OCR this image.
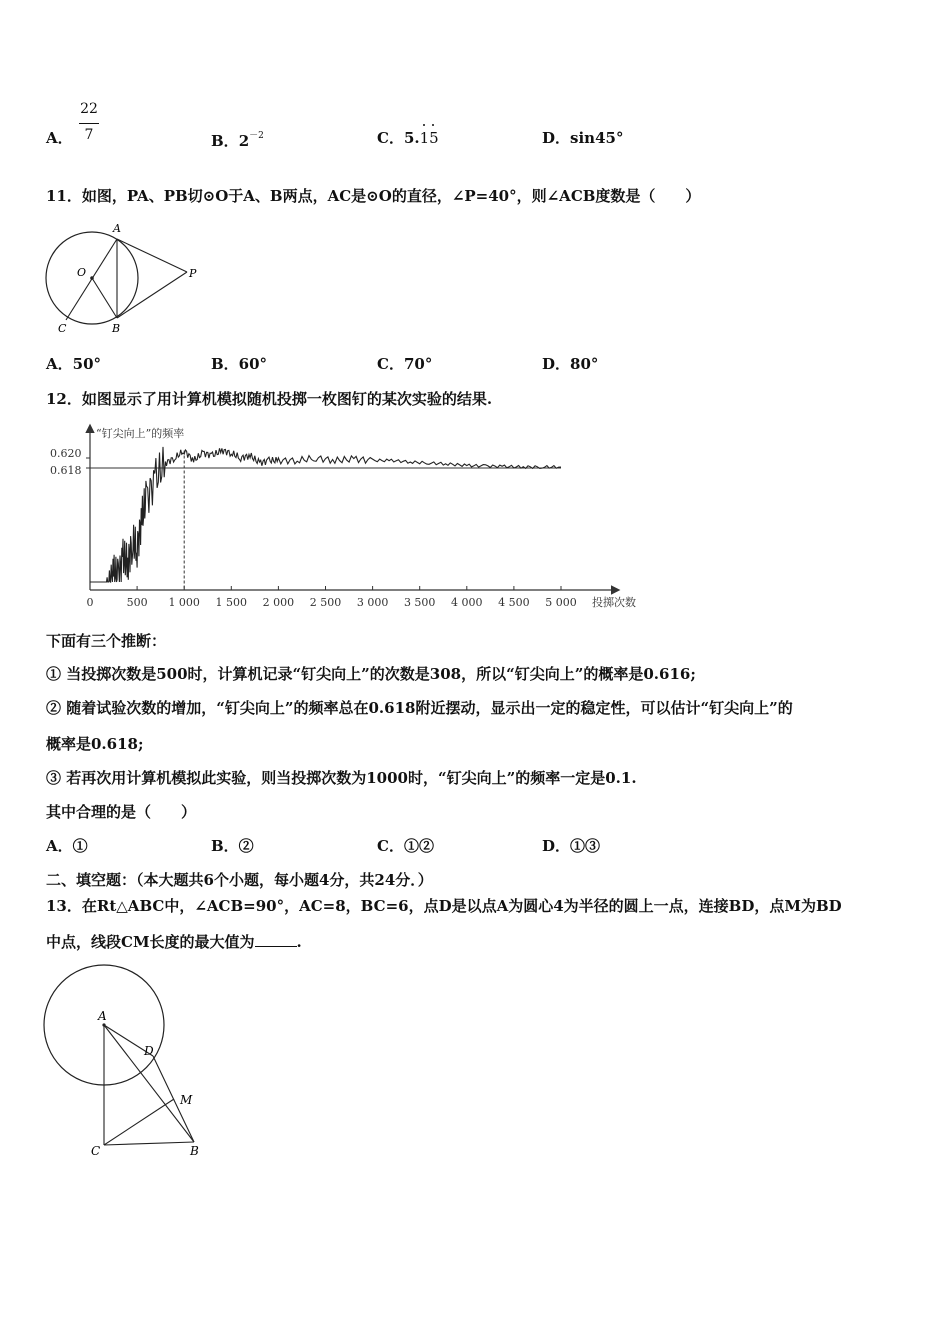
A．
22
7	B．$2^{-2}$	C．5.15	D．sin45°
11．如图，PA、PB切⊙O于A、B两点，AC是⊙O的直径，∠P=40°，则∠ACB度数是（　　）
A
O	P
C	B
A．50°	B．60°	C．70°	D．80°
12．如图显示了用计算机模拟随机投掷一枚图钉的某次实验的结果.
“钉尖向上”的频率
投掷次数
0	500 1 000 1 500 2 000 2 500 3 000 3 500 4 000 4 500 5 000
0.620
0.618
下面有三个推断：
① 当投掷次数是500时，计算机记录“钉尖向上”的次数是308，所以“钉尖向上”的概率是0.616;
② 随着试验次数的增加，“钉尖向上”的频率总在0.618附近摆动，显示出一定的稳定性，可以估计“钉尖向上”的
概率是0.618;
③ 若再次用计算机模拟此实验，则当投掷次数为1000时，“钉尖向上”的频率一定是0.1.
其中合理的是（　　）
A．①	B．②	C．①②	D．①③
二、填空题：（本大题共6个小题，每小题4分，共24分．）
13．在Rt△ABC中，∠ACB=90°，AC=8，BC=6，点D是以点A为圆心4为半径的圆上一点，连接BD，点M为BD
中点，线段CM长度的最大值为	.
A
D
M
C	B
